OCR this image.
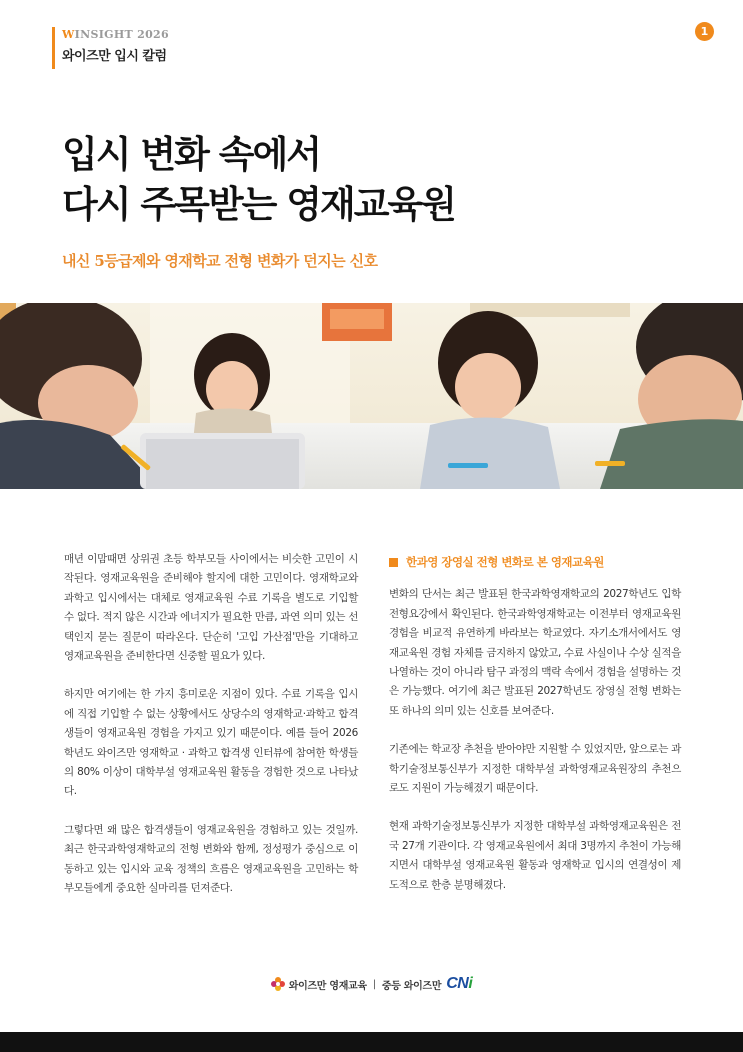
WINSIGHT 2026
와이즈만 입시 칼럼
1
입시 변화 속에서
다시 주목받는 영재교육원
내신 5등급제와 영재학교 전형 변화가 던지는 신호

매년 이맘때면 상위권 초등 학부모들 사이에서는 비슷한 고민이 시작된다. 영재교육원을 준비해야 할지에 대한 고민이다. 영재학교와 과학고 입시에서는 대체로 영재교육원 수료 기록을 별도로 기입할 수 없다. 적지 않은 시간과 에너지가 필요한 만큼, 과연 의미 있는 선택인지 묻는 질문이 따라온다. 단순히 '고입 가산점'만을 기대하고 영재교육원을 준비한다면 신중할 필요가 있다.

하지만 여기에는 한 가지 흥미로운 지점이 있다. 수료 기록을 입시에 직접 기입할 수 없는 상황에서도 상당수의 영재학교·과학고 합격생들이 영재교육원 경험을 가지고 있기 때문이다. 예를 들어 2026학년도 와이즈만 영재학교 · 과학고 합격생 인터뷰에 참여한 학생들의 80% 이상이 대학부설 영재교육원 활동을 경험한 것으로 나타났다.

그렇다면 왜 많은 합격생들이 영재교육원을 경험하고 있는 것일까. 최근 한국과학영재학교의 전형 변화와 함께, 정성평가 중심으로 이동하고 있는 입시와 교육 정책의 흐름은 영재교육원을 고민하는 학부모들에게 중요한 실마리를 던져준다.

한과영 장영실 전형 변화로 본 영재교육원

변화의 단서는 최근 발표된 한국과학영재학교의 2027학년도 입학전형요강에서 확인된다. 한국과학영재학교는 이전부터 영재교육원 경험을 비교적 유연하게 바라보는 학교였다. 자기소개서에서도 영재교육원 경험 자체를 금지하지 않았고, 수료 사실이나 수상 실적을 나열하는 것이 아니라 탐구 과정의 맥락 속에서 경험을 설명하는 것은 가능했다. 여기에 최근 발표된 2027학년도 장영실 전형 변화는 또 하나의 의미 있는 신호를 보여준다.

기존에는 학교장 추천을 받아야만 지원할 수 있었지만, 앞으로는 과학기술정보통신부가 지정한 대학부설 과학영재교육원장의 추천으로도 지원이 가능해졌기 때문이다.

현재 과학기술정보통신부가 지정한 대학부설 과학영재교육원은 전국 27개 기관이다. 각 영재교육원에서 최대 3명까지 추천이 가능해지면서 대학부설 영재교육원 활동과 영재학교 입시의 연결성이 제도적으로 한층 분명해졌다.

와이즈만 영재교육 | 중등 와이즈만 CNi
